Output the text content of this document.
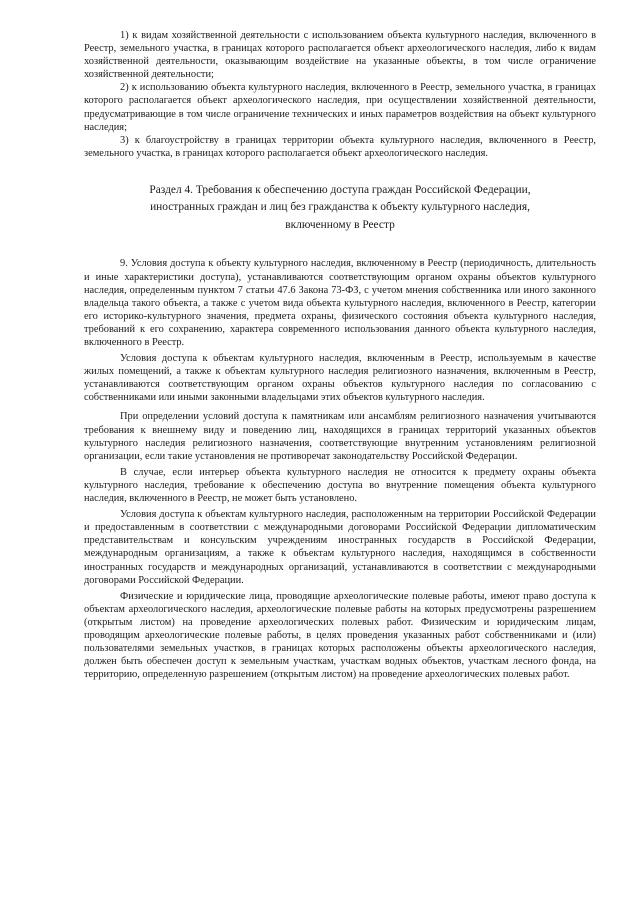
1) к видам хозяйственной деятельности с использованием объекта культурного наследия, включенного в Реестр, земельного участка, в границах которого располагается объект археологического наследия, либо к видам хозяйственной деятельности, оказывающим воздействие на указанные объекты, в том числе ограничение хозяйственной деятельности;

2) к использованию объекта культурного наследия, включенного в Реестр, земельного участка, в границах которого располагается объект археологического наследия, при осуществлении хозяйственной деятельности, предусматривающие в том числе ограничение технических и иных параметров воздействия на объект культурного наследия;

3) к благоустройству в границах территории объекта культурного наследия, включенного в Реестр, земельного участка, в границах которого располагается объект археологического наследия.

Раздел 4. Требования к обеспечению доступа граждан Российской Федерации,
иностранных граждан и лиц без гражданства к объекту культурного наследия,
включенному в Реестр

9. Условия доступа к объекту культурного наследия, включенному в Реестр (периодичность, длительность и иные характеристики доступа), устанавливаются соответствующим органом охраны объектов культурного наследия, определенным пунктом 7 статьи 47.6 Закона 73-ФЗ, с учетом мнения собственника или иного законного владельца такого объекта, а также с учетом вида объекта культурного наследия, включенного в Реестр, категории его историко-культурного значения, предмета охраны, физического состояния объекта культурного наследия, требований к его сохранению, характера современного использования данного объекта культурного наследия, включенного в Реестр.

Условия доступа к объектам культурного наследия, включенным в Реестр, используемым в качестве жилых помещений, а также к объектам культурного наследия религиозного назначения, включенным в Реестр, устанавливаются соответствующим органом охраны объектов культурного наследия по согласованию с собственниками или иными законными владельцами этих объектов культурного наследия.

При определении условий доступа к памятникам или ансамблям религиозного назначения учитываются требования к внешнему виду и поведению лиц, находящихся в границах территорий указанных объектов культурного наследия религиозного назначения, соответствующие внутренним установлениям религиозной организации, если такие установления не противоречат законодательству Российской Федерации.

В случае, если интерьер объекта культурного наследия не относится к предмету охраны объекта культурного наследия, требование к обеспечению доступа во внутренние помещения объекта культурного наследия, включенного в Реестр, не может быть установлено.

Условия доступа к объектам культурного наследия, расположенным на территории Российской Федерации и предоставленным в соответствии с международными договорами Российской Федерации дипломатическим представительствам и консульским учреждениям иностранных государств в Российской Федерации, международным организациям, а также к объектам культурного наследия, находящимся в собственности иностранных государств и международных организаций, устанавливаются в соответствии с международными договорами Российской Федерации.

Физические и юридические лица, проводящие археологические полевые работы, имеют право доступа к объектам археологического наследия, археологические полевые работы на которых предусмотрены разрешением (открытым листом) на проведение археологических полевых работ. Физическим и юридическим лицам, проводящим археологические полевые работы, в целях проведения указанных работ собственниками и (или) пользователями земельных участков, в границах которых расположены объекты археологического наследия, должен быть обеспечен доступ к земельным участкам, участкам водных объектов, участкам лесного фонда, на территорию, определенную разрешением (открытым листом) на проведение археологических полевых работ.
